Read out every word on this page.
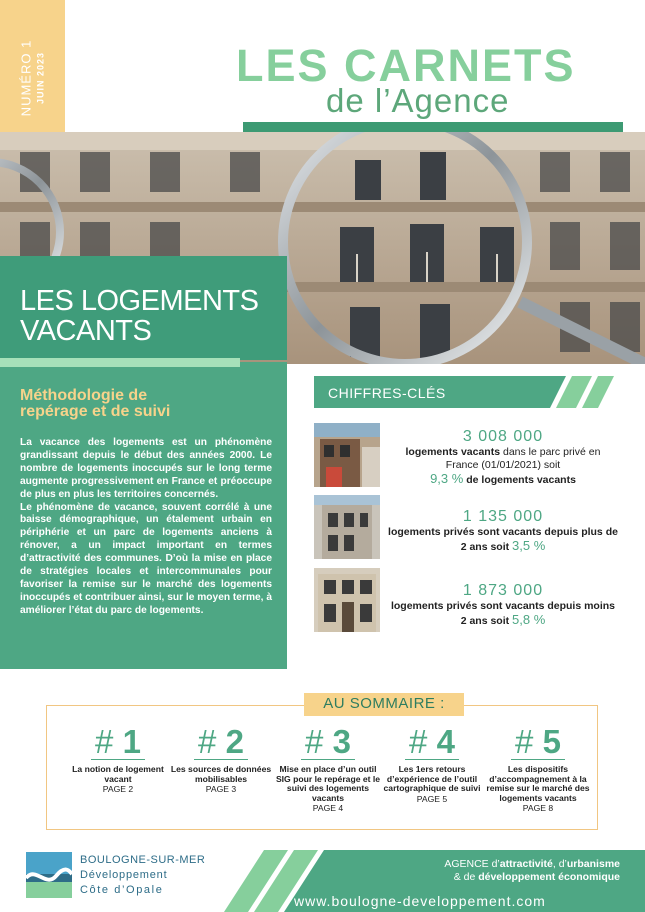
NUMÉRO 1 JUIN 2023	LES CARNETS
de l’Agence
LES LOGEMENTS
VACANTS
Méthodologie de
repérage et de suivi

La vacance des logements est un phénomène grandissant depuis le début des années 2000. Le nombre de logements inoccupés sur le long terme augmente progressivement en France et préoccupe de plus en plus les territoires concernés.

Le phénomène de vacance, souvent corrélé à une baisse démographique, un étalement urbain en périphérie et un parc de logements anciens à rénover, a un impact important en termes d’attractivité des communes. D’où la mise en place de stratégies locales et intercommunales pour favoriser la remise sur le marché des logements inoccupés et contribuer ainsi, sur le moyen terme, à améliorer l’état du parc de logements.

CHIFFRES-CLÉS
3 008 000
logements vacants dans le parc privé en France (01/01/2021) soit
9,3 % de logements vacants
1 135 000
logements privés sont vacants depuis plus de 2 ans soit 3,5 %
1 873 000
logements privés sont vacants depuis moins 2 ans soit 5,8 %
AU SOMMAIRE :
# 1
La notion de logement vacant
PAGE 2
# 2
Les sources de données mobilisables
PAGE 3
# 3
Mise en place d’un outil SIG pour le repérage et le suivi des logements vacants
PAGE 4
# 4
Les 1ers retours d’expérience de l’outil cartographique de suivi
PAGE 5
# 5
Les dispositifs d’accompagnement à la remise sur le marché des logements vacants
PAGE 8
BOULOGNE-SUR-MER
Développement
Côte d’Opale
AGENCE d’attractivité, d’urbanisme
& de développement économique
www.boulogne-developpement.com
